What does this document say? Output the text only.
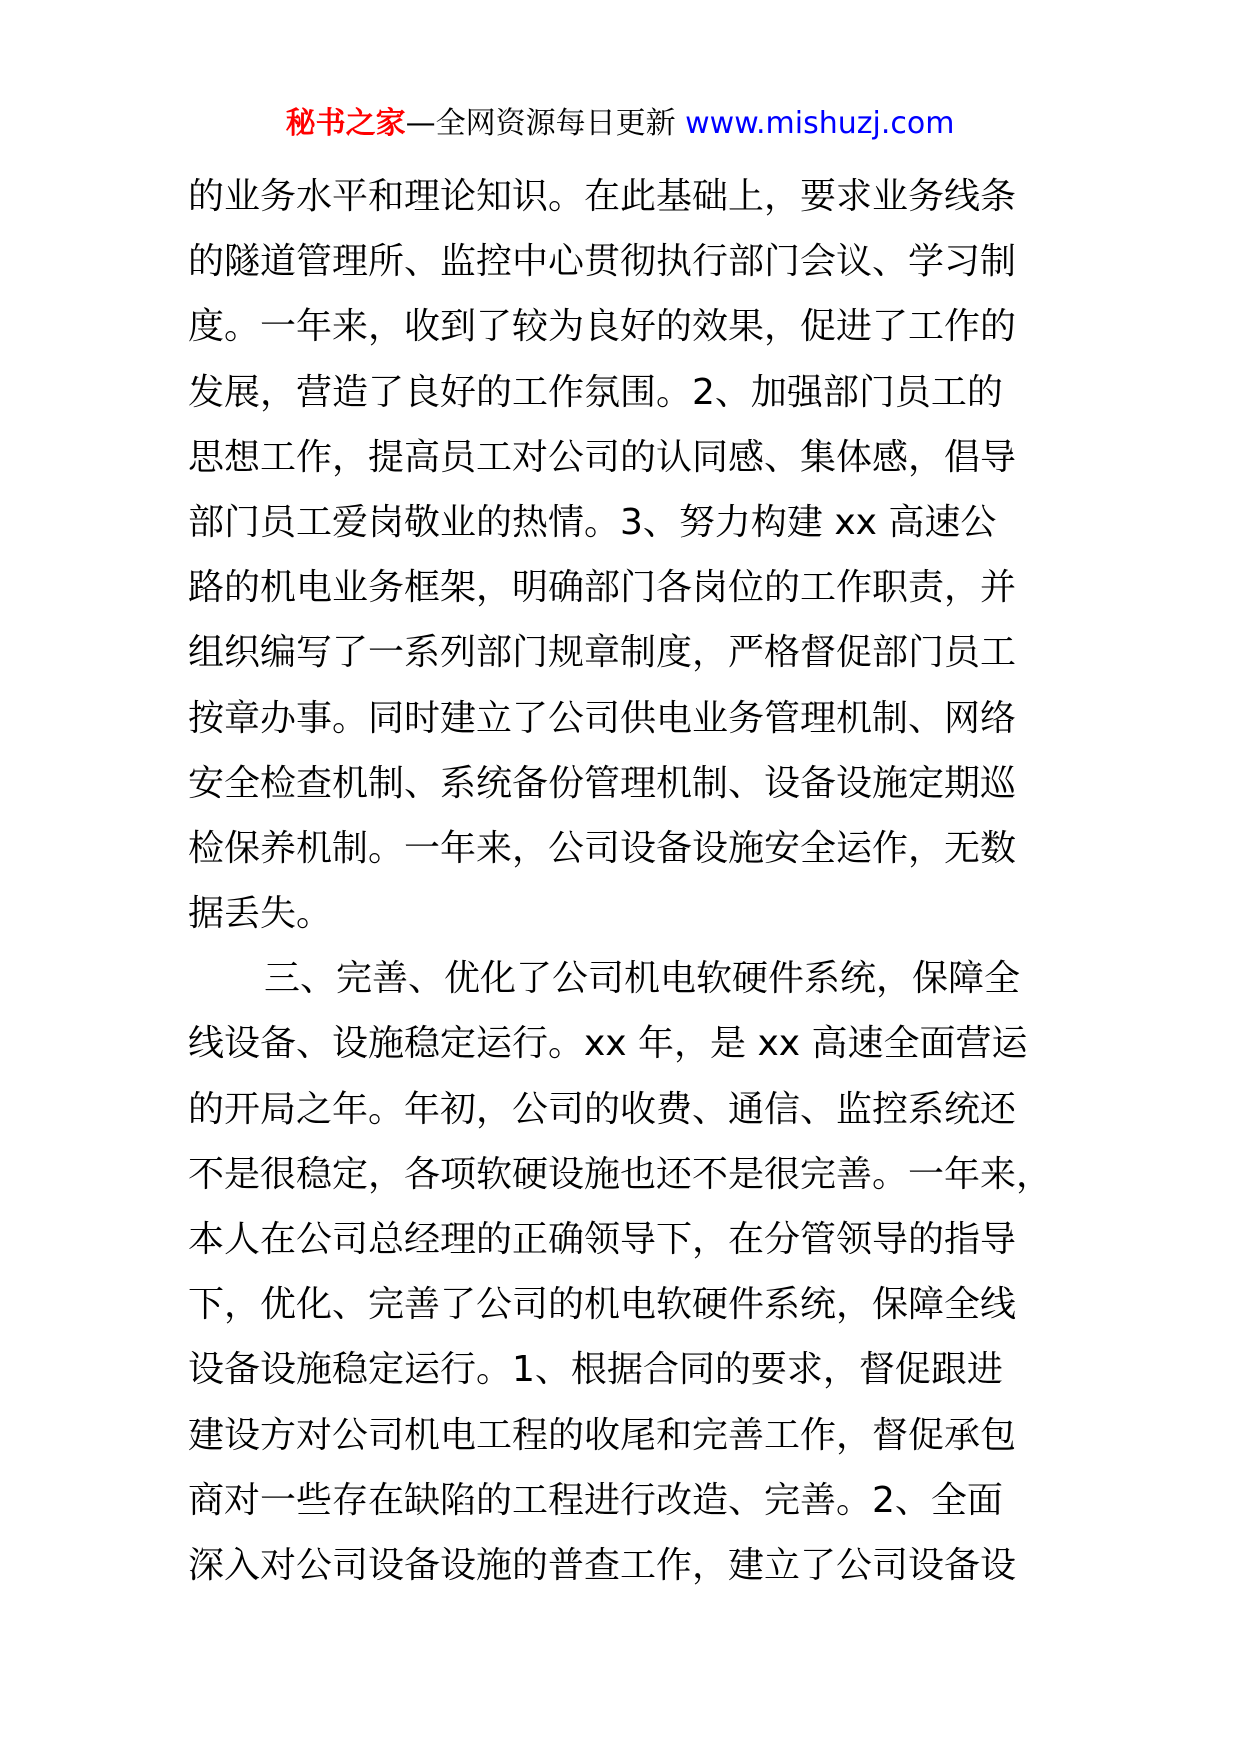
秘书之家—全网资源每日更新 www.mishuzj.com
的业务水平和理论知识。在此基础上，要求业务线条
的隧道管理所、监控中心贯彻执行部门会议、学习制
度。一年来，收到了较为良好的效果，促进了工作的
发展，营造了良好的工作氛围。2、加强部门员工的
思想工作，提高员工对公司的认同感、集体感，倡导
部门员工爱岗敬业的热情。3、努力构建 xx 高速公
路的机电业务框架，明确部门各岗位的工作职责，并
组织编写了一系列部门规章制度，严格督促部门员工
按章办事。同时建立了公司供电业务管理机制、网络
安全检查机制、系统备份管理机制、设备设施定期巡
检保养机制。一年来，公司设备设施安全运作，无数
据丢失。
三、完善、优化了公司机电软硬件系统，保障全
线设备、设施稳定运行。xx 年，是 xx 高速全面营运
的开局之年。年初，公司的收费、通信、监控系统还
不是很稳定，各项软硬设施也还不是很完善。一年来，
本人在公司总经理的正确领导下，在分管领导的指导
下，优化、完善了公司的机电软硬件系统，保障全线
设备设施稳定运行。1、根据合同的要求，督促跟进
建设方对公司机电工程的收尾和完善工作，督促承包
商对一些存在缺陷的工程进行改造、完善。2、全面
深入对公司设备设施的普查工作，建立了公司设备设
